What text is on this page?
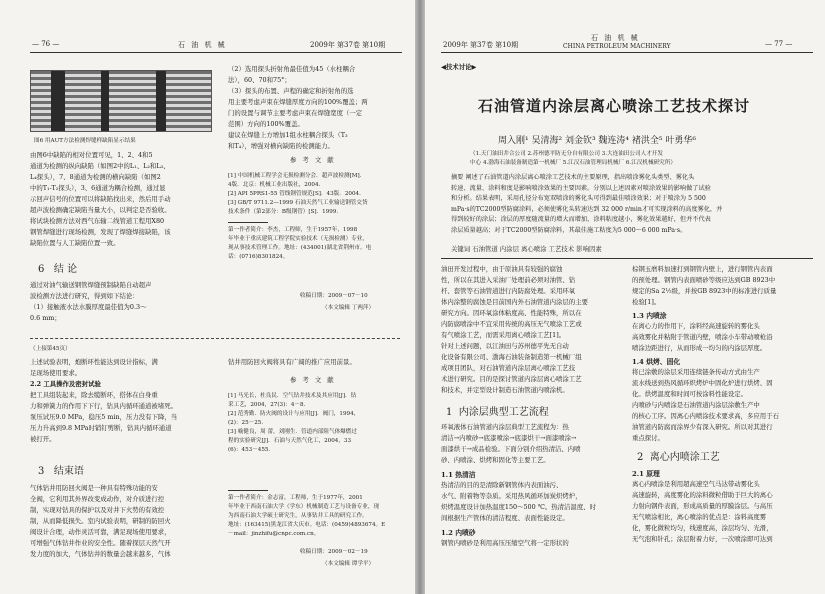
— 76 —	石 油 机 械	2009年 第37卷 第10期
图6 用AUT方法检测焊缝样缺陷显示结果
由图6中缺陷的相对位置可见，1、2、4和5
通道为检测的纵向缺陷（如图2中的L₁、L₂和L₃、
L₄探头），7、8通道为检测的横向缺陷（如图2
中的T₁-T₂探头），3、6通道为耦合检测，通过显
示回声信号的位置可以将缺陷找出来，然后用手动
超声波检测确定缺陷当量大小，以判定是否验收。
将试块检测方法对西气东输二线管道工程用X80
钢管焊缝进行现场检测，发现了焊缝焊接缺陷，该
缺陷位置与人工缺陷位置一致。
6 结 论
通过对油气输送钢管焊缝预制缺陷自动超声
波检测方法进行研究，得到如下结论：
（1）接触液水法水膜厚度最佳值为0.3～
0.6 mm；
（2）选用探头折射角最佳值为45（水柱耦合
法），60、70和75°；
（3）探头的布置、声程的确定和折射角的选
用主要考虑声束在焊缝厚度方向的100%覆盖；两
门的设置与调节主要考虑声束在焊缝宽度（一定
范围）方向的100%覆盖。
建议在焊缝上方增加1组水柱耦合探头（T₃
和T₄），增强对横向缺陷的检测能力。
参 考 文 献
[1] 中国机械工程学会无损检测分会．超声波检测[M]．
4版．北京：机械工业出版社，2004．
[2] API 5PRS1-55 管线钢管规范[S]．43版．2004．
[3] GB/T 9711.2—1999 石油天然气工业输送钢管交货
技术条件（第2部分：B级钢管）[S]．1999．
第一作者简介：李杰，工程师，生于1957年，1998
年毕业于重庆建筑工程学院实验技术（无损检测）专业，
现从事技术管理工作。地址：(434001)湖北省荆州市。电
话：(0716)8301824。
收稿日期：2009－07－10
（本文编辑 丁两萍）
（上接第45页）
上述试验表明，炮断环性能达到设计指标，满
足现场使用要求。
2.2 工具操作及密封试验
把工具组装起来，除去缆断环，搭体在白身重
力和弹簧力的作用下下行，钻具内循环通道被堵死。
泵压试压9.0 MPa，稳压5 min，压力没有下降，当
压力升高到9.8 MPa时销钉剪断，钻具内循环通道
被打开。
3 结束语
气体钻井用防回火阀是一种具有特殊功能的安
全阀，它利用其外界改变成动作，对介质进行控
制，实现对钻具的保护以及对井下火势的有效控
制，从而降低损失。室内试验表明，研制的防回火
阀设计合理，动作灵活可靠，满足现场使用要求，
可增强气体钻井作业的安全性。随着探层天然气开
发力度的加大，气体钻井的数量会越来越多，气体
钻井用防回火阀将具有广阔的推广应用前景。
参 考 文 献
[1] 马光长，杜良民．空气钻井技术及其应用[J]．钻
采工艺，2004，27(3)：4－8．
[2] 范秀勤．防火阀的设计与应用[J]．阀门，1994，
(2)：25－25．
[3] 喻健良，周 蕾，刘刚生．管道内部阻气体爆燃过
程的实验研究[J]．石油与天然气化工，2004，33
(6)：453－455．
第一作者简介：金志富，工程师，生于1977年，2001
年毕业于西南石油大学（学东）机械制造工艺与设备专业，现
为西南石油大学硕士研究生，从事钻井工具的研究工作。
地址：(163415)黑龙江省大庆市。电话：(0459)4893674。E
－mail：jinzhifu@cnpc.com.cn。
收稿日期：2009－02－19
（本文编辑 谭学平）
2009年 第37卷 第10期
石 油 机 械
CHINA PETROLEUM MACHINERY	— 77 —
◀技术讨论▶
石油管道内涂层离心喷涂工艺技术探讨
周入刚¹ 吴清海² 刘金钦³ 魏连涛⁴ 褚洪全⁵ 叶勇华⁶
（1.天门油田井合公司 2.苏州德平防无分自有限公司 3.大连油田公司人才开发
中心 4.渤海石油装备制造第一机械厂 5.江汉石油管理局机械厂 6.江汉机械研究所）
摘要 阐述了石油管道内涂层离心喷涂工艺技术的主要原理，指出喷涂雾化头类型、雾化头
转速、流量、涂料和度是影响喷涂效果的主要因素。分别以上述因素对喷涂效果的影响做了试验
和分析。结果表明，采用孔径分布宽双喷涂的雾化头可得到最佳喷涂效果；对于喷涂为 5 500
mPa·s的TC2000型防腐涂料，必须使雾化头转速达到 32 000 r/min才可实现涂料的高度雾化，并
得到较好的涂层；涂层的厚度随流量的增大而增加，涂料粘度越小，雾化效果越好，但并不代表
涂层质量越高；对于TC2000型防腐涂料，其最佳施工粘度为5 000～6 000 mPa·s。
关键词 石油管道 内涂层 离心喷涂 工艺技术 影响因素
油田开发过程中，由于原油具有较强的腐蚀
性，所以在其进入采油厂处理前必须对油管、钻
杆、套管等石油管道进行内防腐处理。采用环氧
体内涂整的腐蚀是目前国内外石油管道内涂层的主要
研究方向。因环氧涂体粘度高、性能特殊，所以在
内防腐喷涂中不宜采用传统的高压无气喷涂工艺或
有气喷涂工艺，而需采用离心喷涂工艺[1]。
针对上述问题，以江油田与苏州德平先无自动
化设备有限公司、渤海石油装备制造第一机械厂组
成项目团队，对石油管道内涂层离心喷涂工艺技
术进行研究。目的是探讨管道内涂层离心喷涂工艺
和技术，并定型设计制造石油管道内喷涂机。
1 内涂层典型工艺流程
环氧液体石油管道内涂层典型工艺流程为：热
清洁→内喷砂→底漆喷涂→底漆烘干→面漆喷涂→
面漆烘干→成品检验。下面分别介绍热清洁、内喷
砂、内喷涂、烘烤和固化等主要工艺。
1.1 热清洁
热清洁的目的是清除新钢管体内表面油污、
水气、附着物等杂质。采用热风循环加炭炽烤炉，
炽烤温度设计加热温度150～500 ℃。热清洁温度、时
间根据生产管体的清洁程度、表面性能设定。
1.2 内喷砂
钢管内喷砂是利用高压压缩空气将一定形状的
棕钢玉磨料加速打到钢管内壁上，进行钢管内表面
的预处理。钢管内表面喷砂等级应达到GB 8923中
规定的Sa 2½级，并按GB 8923中的标准进行质量
检验[1]。
1.3 内喷涂
在离心力的作用下，涂料经高速旋转的雾化头
高效雾化并粘附于管道内壁，喷涂小车带动喷枪沿
喷涂边距进行，从而形成一均匀的内涂层厚度。
1.4 烘烤、固化
将已涂敷的涂层采用连续链条传动方式由生产
流水线送到热风循环炽烤炉中固化炉进行烘烤、固
化。烘烤温度和时间可按涂料性能设定。
内喷砂与内喷涂是石油管道内涂层涂敷生产中
的核心工序。因离心内喷涂技术要求高，多应用于石
油管道内防腐而涂界少有深入研究。所以对其进行
重点探讨。
2 离心内喷涂工艺
2.1 原理
离心内喷涂是利用超高速空气马达带动雾化头
高速旋转，高度雾化的涂料微粒借助于巨大的离心
力射向钢件表面，形成高质量的厚膜涂层。与高压
无气喷涂相比，离心喷涂的优点是：涂料高度雾
化，雾化微粒均匀，线速度高，涂层均匀、光滑，
无气泡和针孔；涂层附着力好，一次喷涂即可达到
